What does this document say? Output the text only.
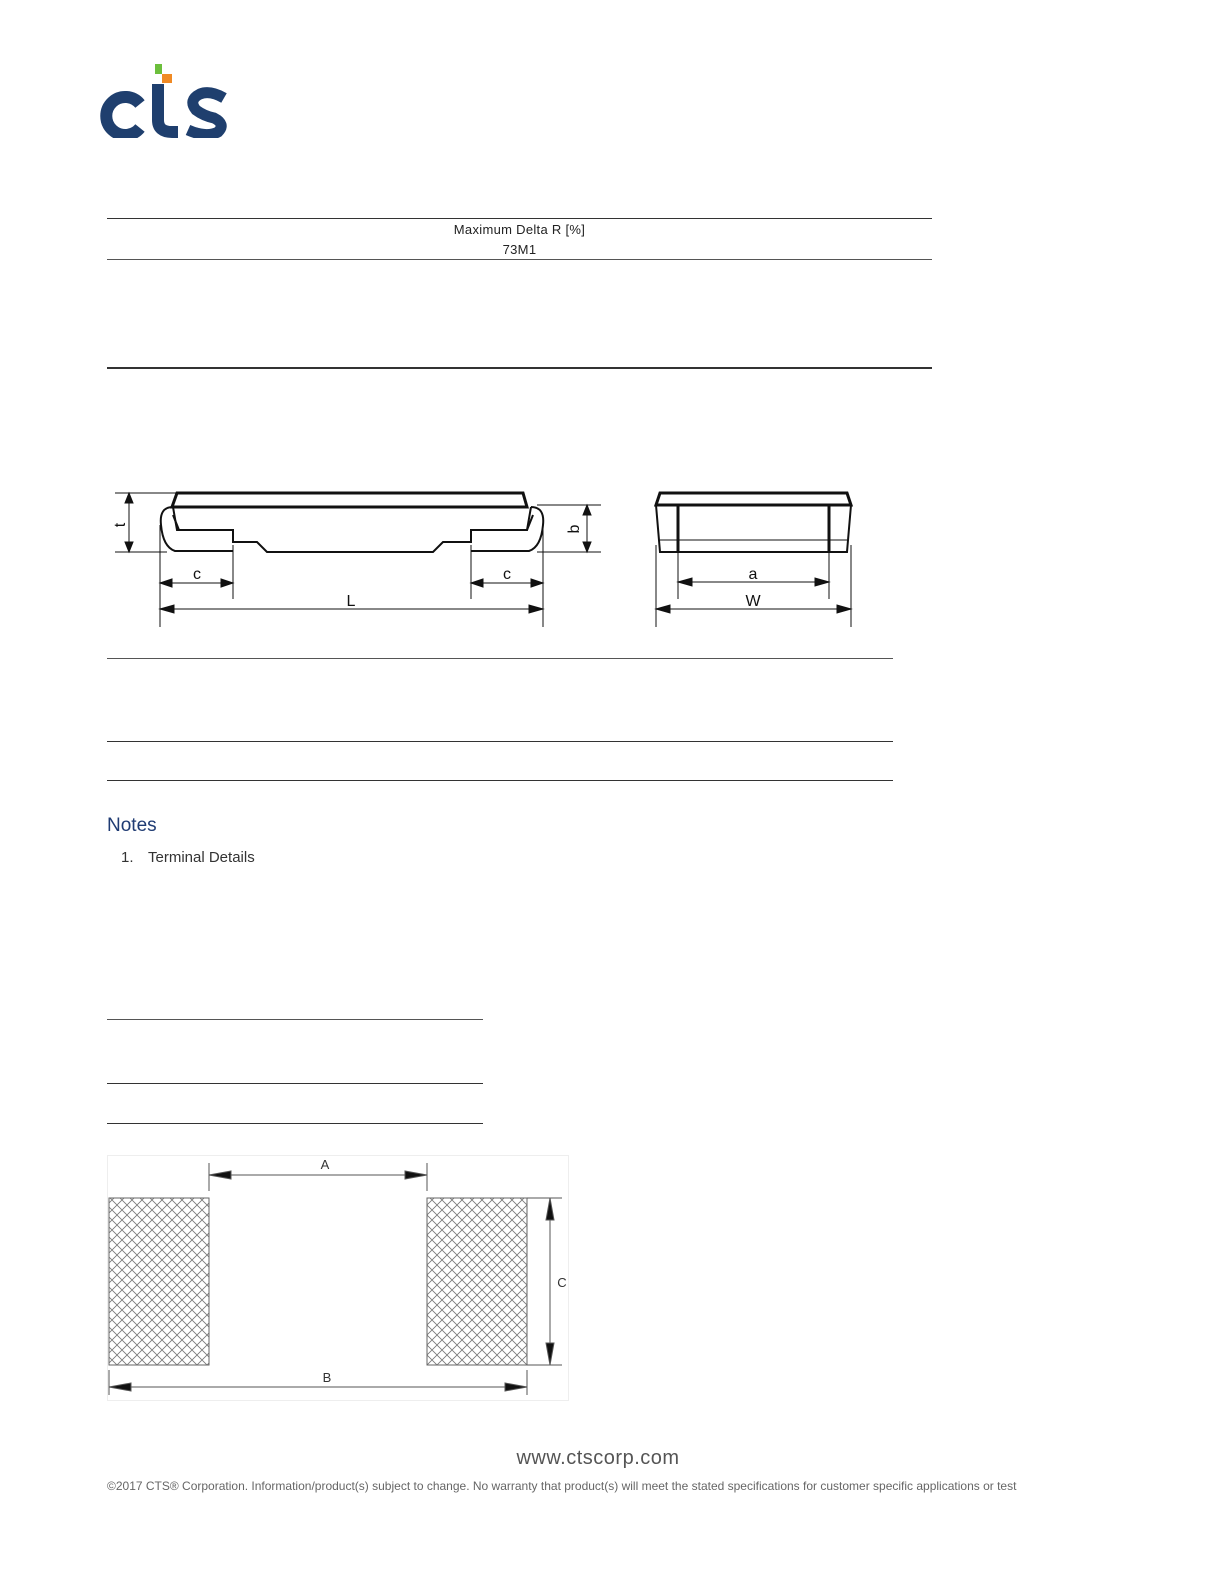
Maximum Delta R [%]
73M1
t	b
c	c
L
a
W
Notes
1. Terminal Details
A
C
B
www.ctscorp.com
©2017 CTS® Corporation. Information/product(s) subject to change. No warranty that product(s) will meet the stated specifications for customer specific applications or test
